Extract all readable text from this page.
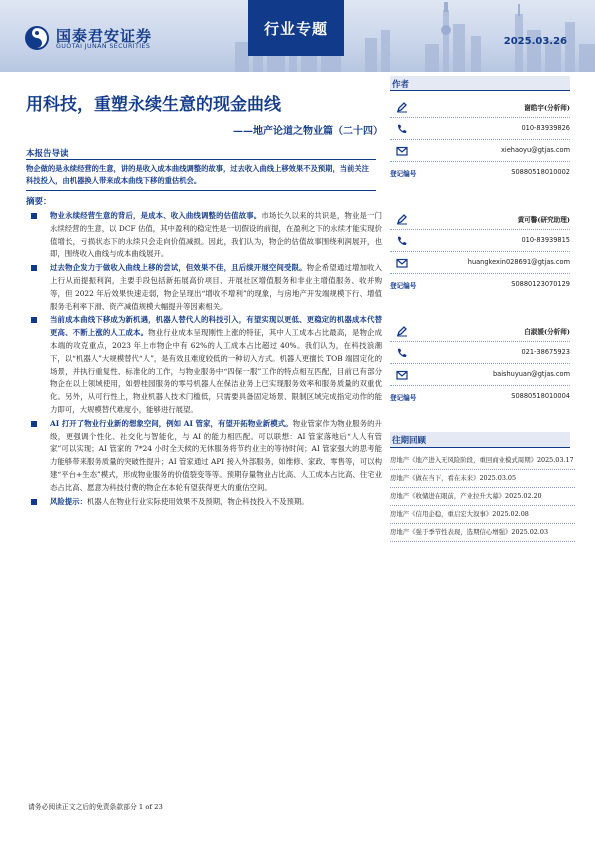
国泰君安证券
GUOTAI JUNAN SECURITIES
行业专题
2025.03.26
用科技，重塑永续生意的现金曲线
——地产论道之物业篇（二十四）
本报告导读
物企做的是永续经营的生意，讲的是收入成本曲线调整的故事，过去收入曲线上移效果不及预期，当前关注科技投入，由机器换人带来成本曲线下移的重估机会。
摘要：
物业永续经营生意的背后，是成本、收入曲线调整的估值故事。市场长久以来的共识是，物业是一门永续经营的生意，以 DCF 估值，其中盈利的稳定性是一切假设的前提，在盈利之下的永续才能实现价值增长，亏损状态下的永续只会走向价值减损。因此，我们认为，物企的估值故事围绕利润展开，也即，围绕收入曲线与成本曲线展开。
过去物企发力于做收入曲线上移的尝试，但效果不佳，且后续开展空间受限。物企希望通过增加收入上行从而提振利润，主要手段包括新拓展高价项目、开展社区增值服务和非业主增值服务、收并购等，但 2022 年后效果快速走弱，物企呈现出“增收不增利”的现象，与房地产开发端规模下行、增值服务毛利率下滑、资产减值规模大幅提升等因素相关。
当前成本曲线下移成为新机遇，机器人替代人的科技引入，有望实现以更低、更稳定的机器成本代替更高、不断上涨的人工成本。物业行业成本呈现刚性上涨的特征，其中人工成本占比最高，是物企成本端的攻克重点，2023 年上市物企中有 62%的人工成本占比超过 40%。我们认为，在科技浪潮下，以“机器人”大规模替代“人”，是有效且难度较低的一种切入方式。机器人更擅长 TOB 端固定化的场景，并执行重复性、标准化的工作，与物业服务中“四保一服”工作的特点相互匹配，目前已有部分物企在以上领域使用，如碧桂园服务的零号机器人在保洁业务上已实现服务效率和服务质量的双重优化。另外，从可行性上，物业机器人技术门槛低，只需要具备固定场景、限制区域完成指定动作的能力即可，大规模替代难度小，能够进行展望。
AI 打开了物业行业新的想象空间，例如 AI 管家，有望开拓物业新模式。物业管家作为物业服务的升级，更强调个性化、社交化与智能化，与 AI 的能力相匹配。可以联想：AI 管家落地后“人人有管家”可以实现；AI 管家的 7*24 小时全天候的无休服务将节约业主的等待时间；AI 管家强大的思考能力能够带来服务质量的突破性提升；AI 管家通过 API 接入外部服务，如维修、家政、零售等，可以构建“平台+生态”模式，形成物业服务的价值裂变等等。预期存量物业占比高、人工成本占比高、住宅业态占比高、愿意为科技付费的物企在本轮有望获得更大的重估空间。
风险提示：机器人在物业行业实际使用效果不及预期，物企科技投入不及预期。
作者
谢皓宇(分析师)
010-83939826
xiehaoyu@gtjas.com
登记编号	S0880518010002
黄可馨(研究助理)
010-83939815
huangkexin028691@gtjas.com
登记编号	S0880123070129
白淑媛(分析师)
021-38675923
baishuyuan@gtjas.com
登记编号	S0880518010004
往期回顾
房地产《地产进入无风险阶段，重回商业模式周期》2025.03.17
房地产《做在当下，看在未来》2025.03.05
房地产《收储进在眼前，产业拉升大幕》2025.02.20
房地产《信用企稳，重启宏大叙事》2025.02.08
房地产《强于季节性表现，选期信心增强》2025.02.03
请务必阅读正文之后的免责条款部分 1 of 23
